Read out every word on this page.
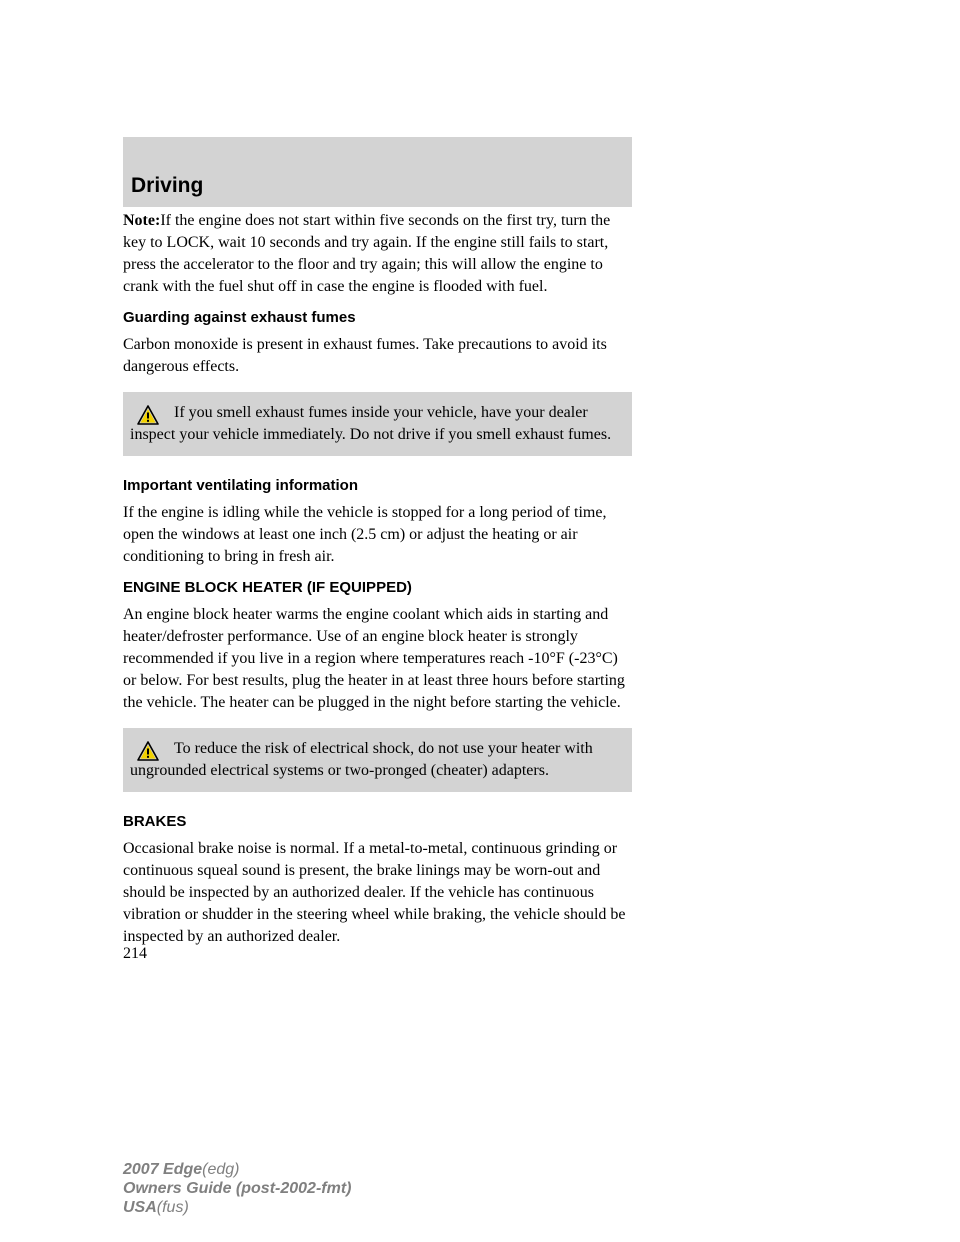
Driving

Note:If the engine does not start within five seconds on the first try, turn the key to LOCK, wait 10 seconds and try again. If the engine still fails to start, press the accelerator to the floor and try again; this will allow the engine to crank with the fuel shut off in case the engine is flooded with fuel.

Guarding against exhaust fumes

Carbon monoxide is present in exhaust fumes. Take precautions to avoid its dangerous effects.

If you smell exhaust fumes inside your vehicle, have your dealer inspect your vehicle immediately. Do not drive if you smell exhaust fumes.
Important ventilating information

If the engine is idling while the vehicle is stopped for a long period of time, open the windows at least one inch (2.5 cm) or adjust the heating or air conditioning to bring in fresh air.

ENGINE BLOCK HEATER (IF EQUIPPED)

An engine block heater warms the engine coolant which aids in starting and heater/defroster performance. Use of an engine block heater is strongly recommended if you live in a region where temperatures reach -10°F (-23°C) or below. For best results, plug the heater in at least three hours before starting the vehicle. The heater can be plugged in the night before starting the vehicle.

To reduce the risk of electrical shock, do not use your heater with ungrounded electrical systems or two-pronged (cheater) adapters.
BRAKES

Occasional brake noise is normal. If a metal-to-metal, continuous grinding or continuous squeal sound is present, the brake linings may be worn-out and should be inspected by an authorized dealer. If the vehicle has continuous vibration or shudder in the steering wheel while braking, the vehicle should be inspected by an authorized dealer.

214
2007 Edge(edg)
Owners Guide (post-2002-fmt)
USA(fus)
